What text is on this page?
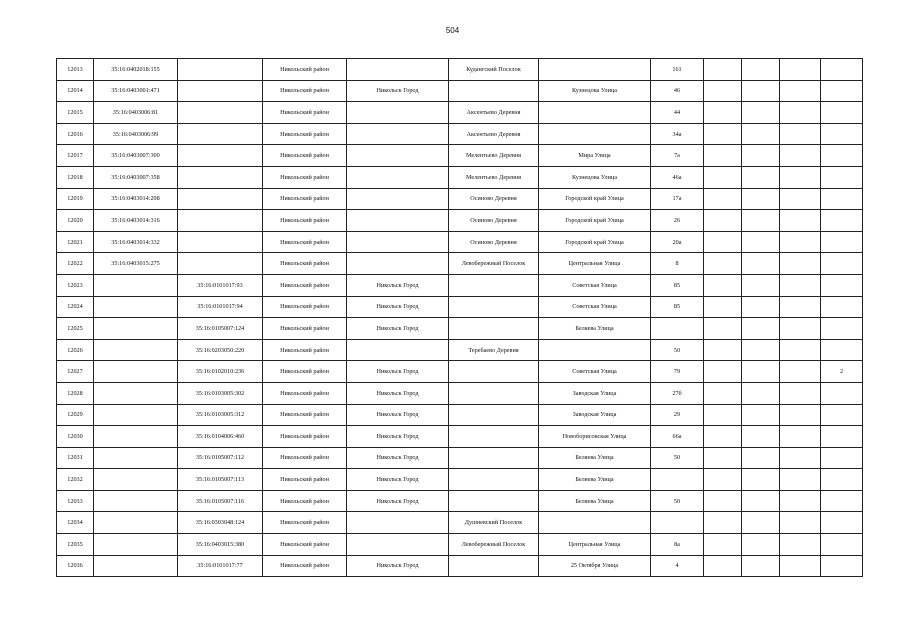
504
12013	35:16:0402018:155		Никольский район		Кудангский Поселок		161				
12014	35:16:0403001:471		Никольский район	Никольск Город		Кузнецова Улица	46				
12015	35:16:0403006:81		Никольский район		Аксентьево Деревня		44				
12016	35:16:0403006:99		Никольский район		Аксентьево Деревня		34а				
12017	35:16:0403007:300		Никольский район		Мелентьево Деревня	Мира Улица	7а				
12018	35:16:0403007:358		Никольский район		Мелентьево Деревня	Кузнецова Улица	46а				
12019	35:16:0403014:298		Никольский район		Осиново Деревня	Городской край Улица	17а				
12020	35:16:0403014:316		Никольский район		Осиново Деревня	Городской край Улица	26				
12021	35:16:0403014:332		Никольский район		Осиново Деревня	Городской край Улица	20а				
12022	35:16:0403015:275		Никольский район		Левобережный Поселок	Центральная Улица	8				
12023		35:16:0101017:93	Никольский район	Никольск Город		Советская Улица	85				
12024		35:16:0101017:94	Никольский район	Никольск Город		Советская Улица	85				
12025		35:16:0105007:124	Никольский район	Никольск Город		Беляева Улица					
12026		35:16:0203050:220	Никольский район		Теребаево Деревня		50				
12027		35:16:0102010:236	Никольский район	Никольск Город		Советская Улица	79				2
12028		35:16:0103005:302	Никольский район	Никольск Город		Заводская Улица	27б				
12029		35:16:0103005:312	Никольский район	Никольск Город		Заводская Улица	29				
12030		35:16:0104006:460	Никольский район	Никольск Город		Новоборисовская Улица	66а				
12031		35:16:0105007:112	Никольский район	Никольск Город		Беляева Улица	50				
12032		35:16:0105007:113	Никольский район	Никольск Город		Беляева Улица					
12033		35:16:0105007:116	Никольский район	Никольск Город		Беляева Улица	50				
12034		35:16:0303048:124	Никольский район		Душневский Поселок						
12035		35:16:0403015:380	Никольский район		Левобережный Поселок	Центральная Улица	8а				
12036		35:16:0101017:77	Никольский район	Никольск Город		25 Октября Улица	4				
